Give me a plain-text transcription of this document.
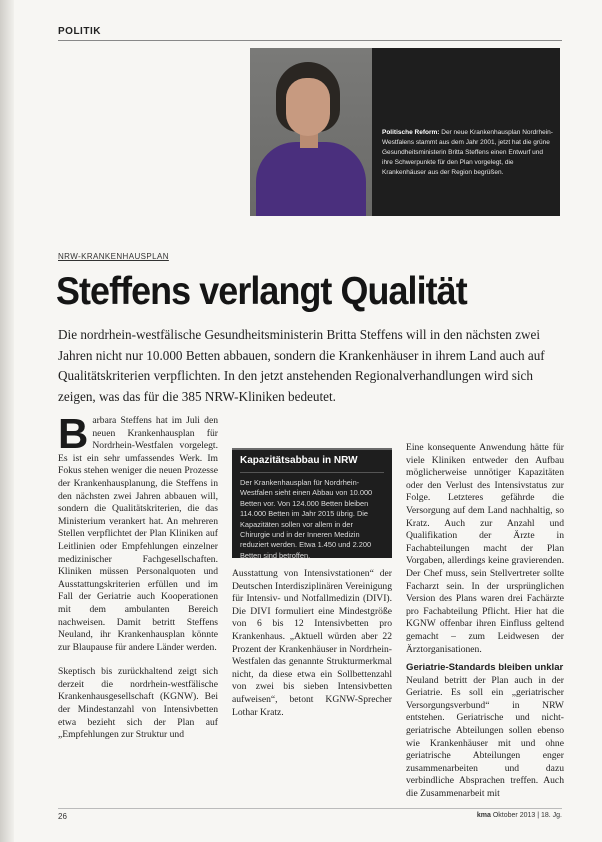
POLITIK
Politische Reform: Der neue Krankenhausplan Nordrhein-Westfalens stammt aus dem Jahr 2001, jetzt hat die grüne Gesundheitsministerin Britta Steffens einen Entwurf und ihre Schwerpunkte für den Plan vorgelegt, die Krankenhäuser aus der Region begrüßen.
NRW-KRANKENHAUSPLAN
Steffens verlangt Qualität

Die nordrhein-westfälische Gesundheitsministerin Britta Steffens will in den nächsten zwei Jahren nicht nur 10.000 Betten abbauen, sondern die Krankenhäuser in ihrem Land auch auf Qualitätskriterien verpflichten. In den jetzt anstehenden Regionalverhandlungen wird sich zeigen, was das für die 385 NRW-Kliniken bedeutet.

Barbara Steffens hat im Juli den neuen Krankenhausplan für Nordrhein-Westfalen vorgelegt. Es ist ein sehr umfassendes Werk. Im Fokus stehen weniger die neuen Prozesse der Krankenhausplanung, die Steffens in den nächsten zwei Jahren abbauen will, sondern die Qualitätskriterien, die das Ministerium verankert hat. An mehreren Stellen verpflichtet der Plan Kliniken auf Leitlinien oder Empfehlungen einzelner medizinischer Fachgesellschaften. Kliniken müssen Personalquoten und Ausstattungskriterien erfüllen und im Fall der Geriatrie auch Kooperationen mit dem ambulanten Bereich nachweisen. Damit betritt Steffens Neuland, ihr Krankenhausplan könnte zur Blaupause für andere Länder werden.

Skeptisch bis zurückhaltend zeigt sich derzeit die nordrhein-westfälische Krankenhausgesellschaft (KGNW). Bei der Mindestanzahl von Intensivbetten etwa bezieht sich der Plan auf „Empfehlungen zur Struktur und

Kapazitätsabbau in NRW

Der Krankenhausplan für Nordrhein-Westfalen sieht einen Abbau von 10.000 Betten vor. Von 124.000 Betten bleiben 114.000 Betten im Jahr 2015 übrig. Die Kapazitäten sollen vor allem in der Chirurgie und in der Inneren Medizin reduziert werden. Etwa 1.450 und 2.200 Betten sind betroffen.

Ausstattung von Intensivstationen“ der Deutschen Interdisziplinären Vereinigung für Intensiv- und Notfallmedizin (DIVI). Die DIVI formuliert eine Mindestgröße von 6 bis 12 Intensivbetten pro Krankenhaus. „Aktuell würden aber 22 Prozent der Krankenhäuser in Nordrhein-Westfalen das genannte Strukturmerkmal nicht, da diese etwa ein Sollbettenzahl von zwei bis sieben Intensivbetten aufweisen“, betont KGNW-Sprecher Lothar Kratz.

Eine konsequente Anwendung hätte für viele Kliniken entweder den Aufbau möglicherweise unnötiger Kapazitäten oder den Verlust des Intensivstatus zur Folge. Letzteres gefährde die Versorgung auf dem Land nachhaltig, so Kratz. Auch zur Anzahl und Qualifikation der Ärzte in Fachabteilungen macht der Plan Vorgaben, allerdings keine gravierenden. Der Chef muss, sein Stellvertreter sollte Facharzt sein. In der ursprünglichen Version des Plans waren drei Fachärzte pro Fachabteilung Pflicht. Hier hat die KGNW offenbar ihren Einfluss geltend gemacht – zum Leidwesen der Ärztorganisationen.

Geriatrie-Standards bleiben unklar

Neuland betritt der Plan auch in der Geriatrie. Es soll ein „geriatrischer Versorgungsverbund“ in NRW entstehen. Geriatrische und nicht-geriatrische Abteilungen sollen ebenso wie Krankenhäuser mit und ohne geriatrische Abteilungen enger zusammenarbeiten und dazu verbindliche Absprachen treffen. Auch die Zusammenarbeit mit

26	kma Oktober 2013 | 18. Jg.
